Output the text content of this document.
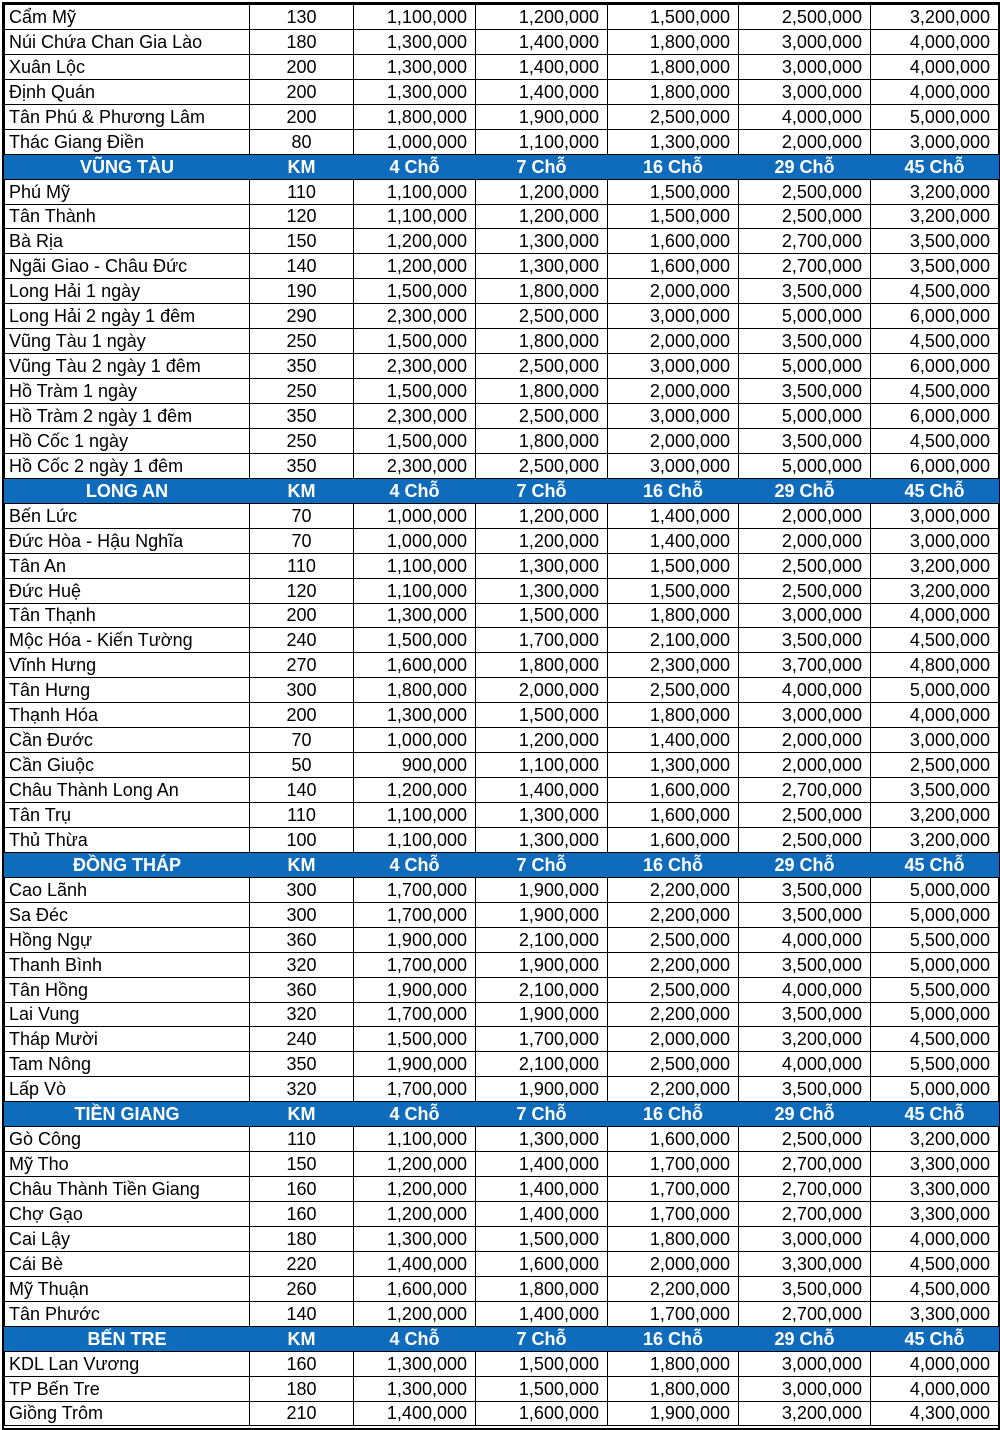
Cẩm Mỹ	130	1,100,000	1,200,000	1,500,000	2,500,000	3,200,000
Núi Chứa Chan Gia Lào	180	1,300,000	1,400,000	1,800,000	3,000,000	4,000,000
Xuân Lộc	200	1,300,000	1,400,000	1,800,000	3,000,000	4,000,000
Định Quán	200	1,300,000	1,400,000	1,800,000	3,000,000	4,000,000
Tân Phú & Phương Lâm	200	1,800,000	1,900,000	2,500,000	4,000,000	5,000,000
Thác Giang Điền	80	1,000,000	1,100,000	1,300,000	2,000,000	3,000,000
VŨNG TÀU	KM	4 Chỗ	7 Chỗ	16 Chỗ	29 Chỗ	45 Chỗ
Phú Mỹ	110	1,100,000	1,200,000	1,500,000	2,500,000	3,200,000
Tân Thành	120	1,100,000	1,200,000	1,500,000	2,500,000	3,200,000
Bà Rịa	150	1,200,000	1,300,000	1,600,000	2,700,000	3,500,000
Ngãi Giao - Châu Đức	140	1,200,000	1,300,000	1,600,000	2,700,000	3,500,000
Long Hải 1 ngày	190	1,500,000	1,800,000	2,000,000	3,500,000	4,500,000
Long Hải 2 ngày 1 đêm	290	2,300,000	2,500,000	3,000,000	5,000,000	6,000,000
Vũng Tàu 1 ngày	250	1,500,000	1,800,000	2,000,000	3,500,000	4,500,000
Vũng Tàu 2 ngày 1 đêm	350	2,300,000	2,500,000	3,000,000	5,000,000	6,000,000
Hồ Tràm 1 ngày	250	1,500,000	1,800,000	2,000,000	3,500,000	4,500,000
Hồ Tràm 2 ngày 1 đêm	350	2,300,000	2,500,000	3,000,000	5,000,000	6,000,000
Hồ Cốc 1 ngày	250	1,500,000	1,800,000	2,000,000	3,500,000	4,500,000
Hồ Cốc 2 ngày 1 đêm	350	2,300,000	2,500,000	3,000,000	5,000,000	6,000,000
LONG AN	KM	4 Chỗ	7 Chỗ	16 Chỗ	29 Chỗ	45 Chỗ
Bến Lức	70	1,000,000	1,200,000	1,400,000	2,000,000	3,000,000
Đức Hòa - Hậu Nghĩa	70	1,000,000	1,200,000	1,400,000	2,000,000	3,000,000
Tân An	110	1,100,000	1,300,000	1,500,000	2,500,000	3,200,000
Đức Huệ	120	1,100,000	1,300,000	1,500,000	2,500,000	3,200,000
Tân Thạnh	200	1,300,000	1,500,000	1,800,000	3,000,000	4,000,000
Mộc Hóa - Kiến Tường	240	1,500,000	1,700,000	2,100,000	3,500,000	4,500,000
Vĩnh Hưng	270	1,600,000	1,800,000	2,300,000	3,700,000	4,800,000
Tân Hưng	300	1,800,000	2,000,000	2,500,000	4,000,000	5,000,000
Thạnh Hóa	200	1,300,000	1,500,000	1,800,000	3,000,000	4,000,000
Cần Đước	70	1,000,000	1,200,000	1,400,000	2,000,000	3,000,000
Cần Giuộc	50	900,000	1,100,000	1,300,000	2,000,000	2,500,000
Châu Thành Long An	140	1,200,000	1,400,000	1,600,000	2,700,000	3,500,000
Tân Trụ	110	1,100,000	1,300,000	1,600,000	2,500,000	3,200,000
Thủ Thừa	100	1,100,000	1,300,000	1,600,000	2,500,000	3,200,000
ĐỒNG THÁP	KM	4 Chỗ	7 Chỗ	16 Chỗ	29 Chỗ	45 Chỗ
Cao Lãnh	300	1,700,000	1,900,000	2,200,000	3,500,000	5,000,000
Sa Đéc	300	1,700,000	1,900,000	2,200,000	3,500,000	5,000,000
Hồng Ngự	360	1,900,000	2,100,000	2,500,000	4,000,000	5,500,000
Thanh Bình	320	1,700,000	1,900,000	2,200,000	3,500,000	5,000,000
Tân Hồng	360	1,900,000	2,100,000	2,500,000	4,000,000	5,500,000
Lai Vung	320	1,700,000	1,900,000	2,200,000	3,500,000	5,000,000
Tháp Mười	240	1,500,000	1,700,000	2,000,000	3,200,000	4,500,000
Tam Nông	350	1,900,000	2,100,000	2,500,000	4,000,000	5,500,000
Lấp Vò	320	1,700,000	1,900,000	2,200,000	3,500,000	5,000,000
TIỀN GIANG	KM	4 Chỗ	7 Chỗ	16 Chỗ	29 Chỗ	45 Chỗ
Gò Công	110	1,100,000	1,300,000	1,600,000	2,500,000	3,200,000
Mỹ Tho	150	1,200,000	1,400,000	1,700,000	2,700,000	3,300,000
Châu Thành Tiền Giang	160	1,200,000	1,400,000	1,700,000	2,700,000	3,300,000
Chợ Gạo	160	1,200,000	1,400,000	1,700,000	2,700,000	3,300,000
Cai Lậy	180	1,300,000	1,500,000	1,800,000	3,000,000	4,000,000
Cái Bè	220	1,400,000	1,600,000	2,000,000	3,300,000	4,500,000
Mỹ Thuận	260	1,600,000	1,800,000	2,200,000	3,500,000	4,500,000
Tân Phước	140	1,200,000	1,400,000	1,700,000	2,700,000	3,300,000
BẾN TRE	KM	4 Chỗ	7 Chỗ	16 Chỗ	29 Chỗ	45 Chỗ
KDL Lan Vương	160	1,300,000	1,500,000	1,800,000	3,000,000	4,000,000
TP Bến Tre	180	1,300,000	1,500,000	1,800,000	3,000,000	4,000,000
Giồng Trôm	210	1,400,000	1,600,000	1,900,000	3,200,000	4,300,000
